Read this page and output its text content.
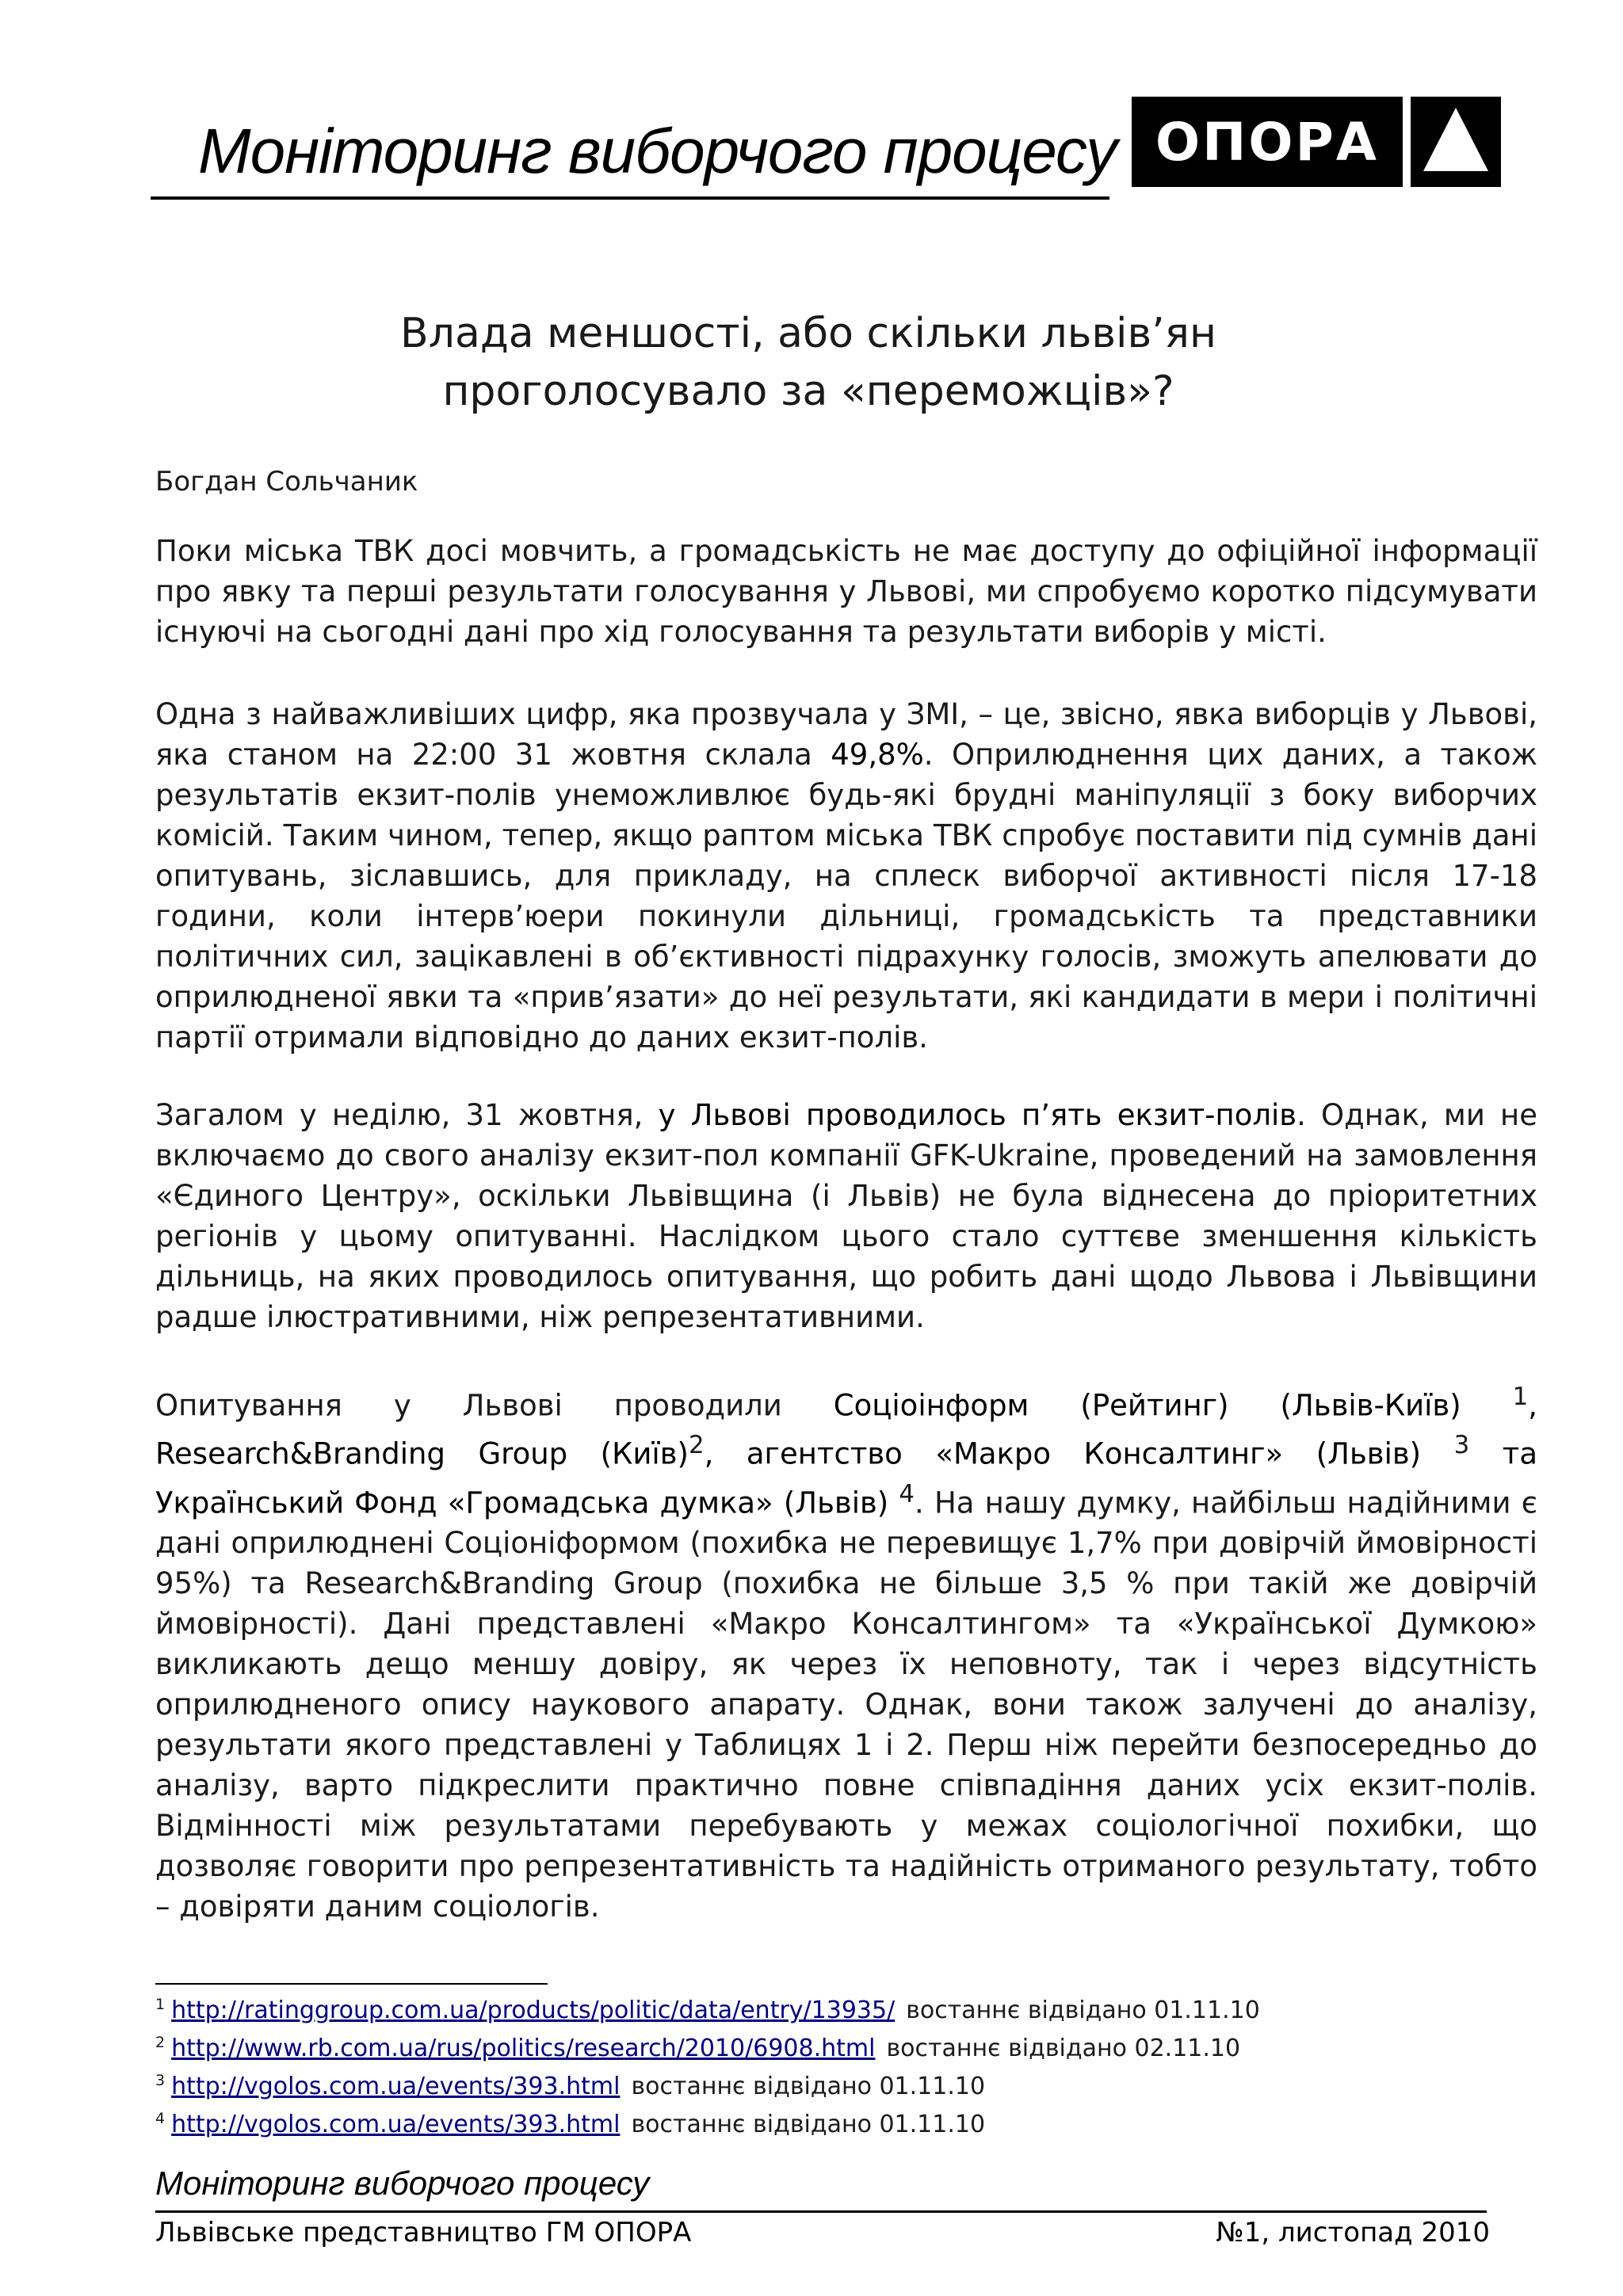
Моніторинг виборчого процесу ОПОРА
Влада меншості, або скільки львів’ян проголосувало за «переможців»?
Богдан Сольчаник

Поки міська ТВК досі мовчить, а громадськість не має доступу до офіційної інформації про явку та перші результати голосування у Львові, ми спробуємо коротко підсумувати існуючі на сьогодні дані про хід голосування та результати виборів у місті.

Одна з найважливіших цифр, яка прозвучала у ЗМІ, – це, звісно, явка виборців у Львові, яка станом на 22:00 31 жовтня склала 49,8%. Оприлюднення цих даних, а також результатів екзит-полів унеможливлює будь-які брудні маніпуляції з боку виборчих комісій. Таким чином, тепер, якщо раптом міська ТВК спробує поставити під сумнів дані опитувань, зіславшись, для прикладу, на сплеск виборчої активності після 17-18 години, коли інтерв’юери покинули дільниці, громадськість та представники політичних сил, зацікавлені в об’єктивності підрахунку голосів, зможуть апелювати до оприлюдненої явки та «прив’язати» до неї результати, які кандидати в мери і політичні партії отримали відповідно до даних екзит-полів.

Загалом у неділю, 31 жовтня, у Львові проводилось п’ять екзит-полів. Однак, ми не включаємо до свого аналізу екзит-пол компанії GFK-Ukraine, проведений на замовлення «Єдиного Центру», оскільки Львівщина (і Львів) не була віднесена до пріоритетних регіонів у цьому опитуванні. Наслідком цього стало суттєве зменшення кількість дільниць, на яких проводилось опитування, що робить дані щодо Львова і Львівщини радше ілюстративними, ніж репрезентативними.

Опитування у Львові проводили Соціоінформ (Рейтинг) (Львів-Київ) $^1$, Research&Branding Group (Київ)$^2$, агентство «Макро Консалтинг» (Львів) $^3$ та Український Фонд «Громадська думка» (Львів) $^4$. На нашу думку, найбільш надійними є дані оприлюднені Соціоніформом (похибка не перевищує 1,7% при довірчій ймовірності 95%) та Research&Branding Group (похибка не більше 3,5 % при такій же довірчій ймовірності). Дані представлені «Макро Консалтингом» та «Української Думкою» викликають дещо меншу довіру, як через їх неповноту, так і через відсутність оприлюдненого опису наукового апарату. Однак, вони також залучені до аналізу, результати якого представлені у Таблицях 1 і 2. Перш ніж перейти безпосередньо до аналізу, варто підкреслити практично повне співпадіння даних усіх екзит-полів. Відмінності між результатами перебувають у межах соціологічної похибки, що дозволяє говорити про репрезентативність та надійність отриманого результату, тобто – довіряти даним соціологів.

$^1$ http://ratinggroup.com.ua/products/politic/data/entry/13935/ востаннє відвідано 01.11.10
$^2$ http://www.rb.com.ua/rus/politics/research/2010/6908.html востаннє відвідано 02.11.10
$^3$ http://vgolos.com.ua/events/393.html востаннє відвідано 01.11.10
$^4$ http://vgolos.com.ua/events/393.html востаннє відвідано 01.11.10
Моніторинг виборчого процесу
Львівське представництво ГМ ОПОРА	№1, листопад 2010
